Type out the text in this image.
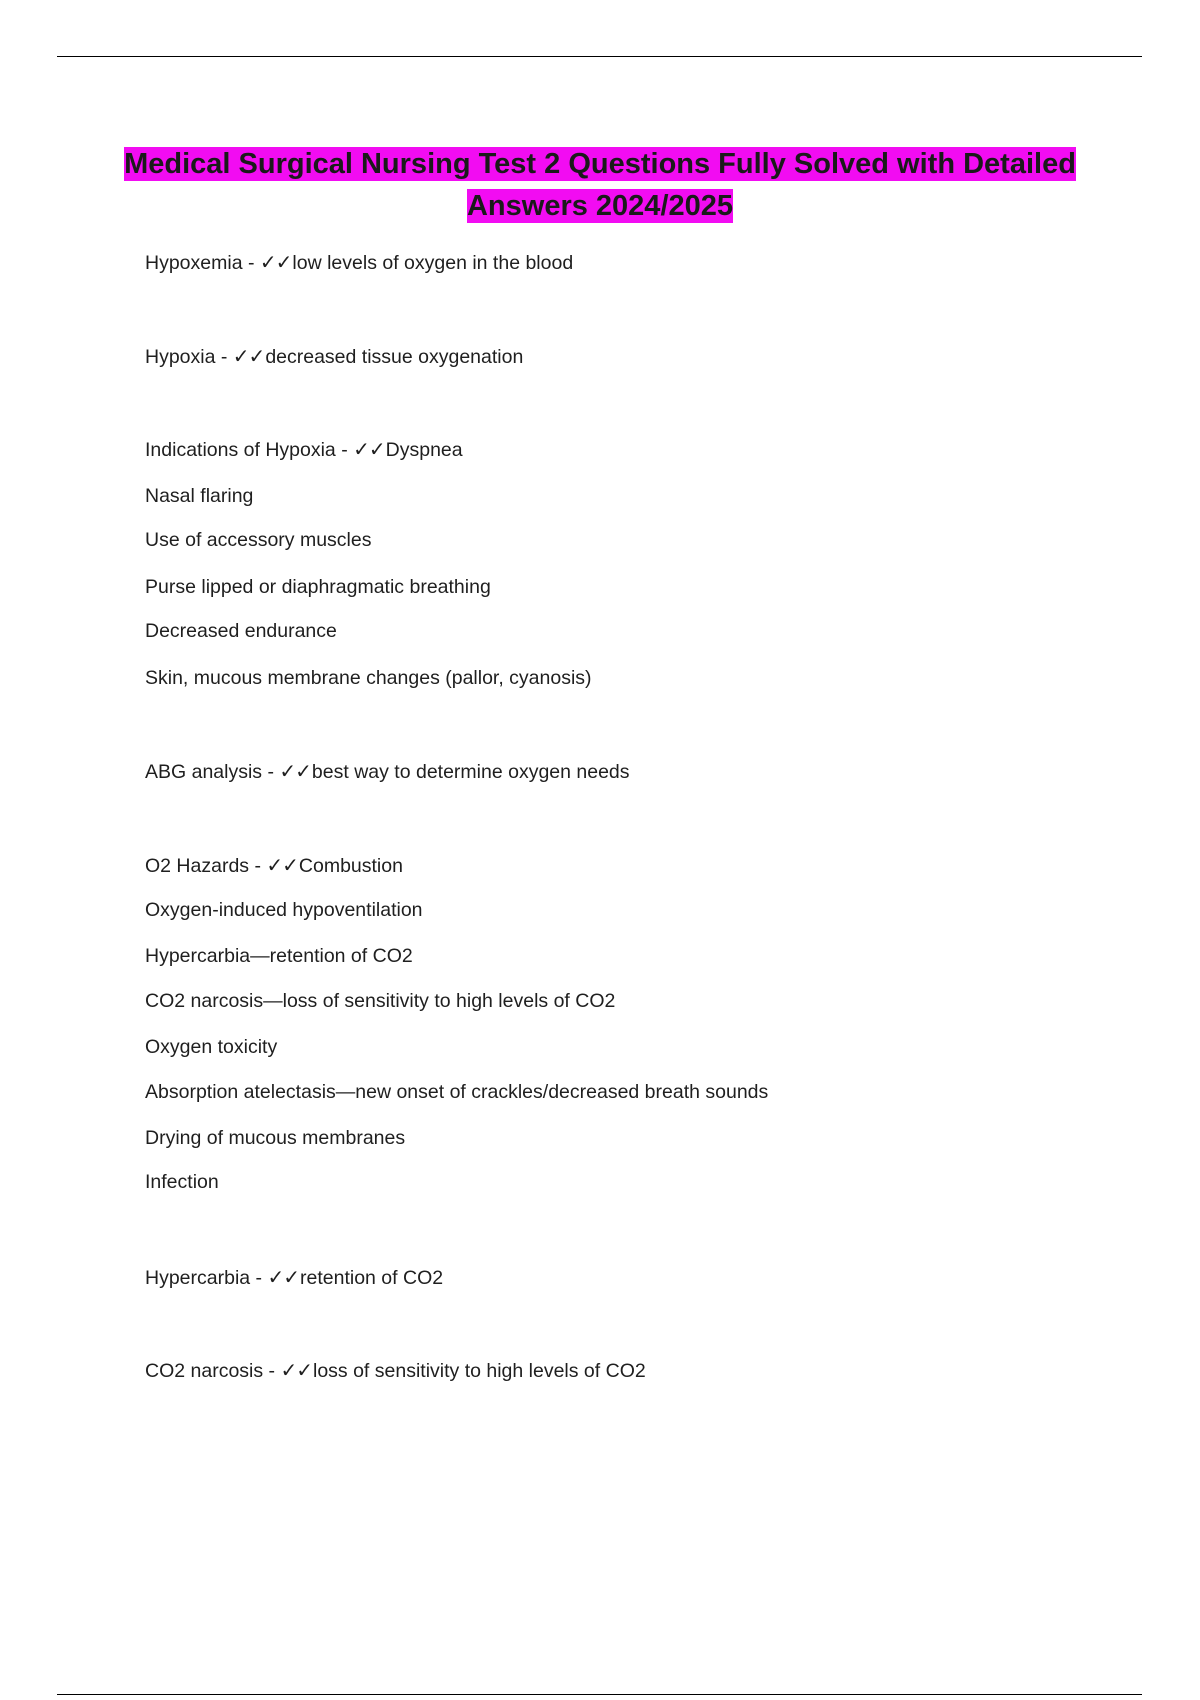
Medical Surgical Nursing Test 2 Questions Fully Solved with Detailed Answers 2024/2025
Hypoxemia - ✓✓low levels of oxygen in the blood
Hypoxia - ✓✓decreased tissue oxygenation
Indications of Hypoxia - ✓✓Dyspnea
Nasal flaring
Use of accessory muscles
Purse lipped or diaphragmatic breathing
Decreased endurance
Skin, mucous membrane changes (pallor, cyanosis)
ABG analysis - ✓✓best way to determine oxygen needs
O2 Hazards - ✓✓Combustion
Oxygen-induced hypoventilation
Hypercarbia—retention of CO2
CO2 narcosis—loss of sensitivity to high levels of CO2
Oxygen toxicity
Absorption atelectasis—new onset of crackles/decreased breath sounds
Drying of mucous membranes
Infection
Hypercarbia - ✓✓retention of CO2
CO2 narcosis - ✓✓loss of sensitivity to high levels of CO2
